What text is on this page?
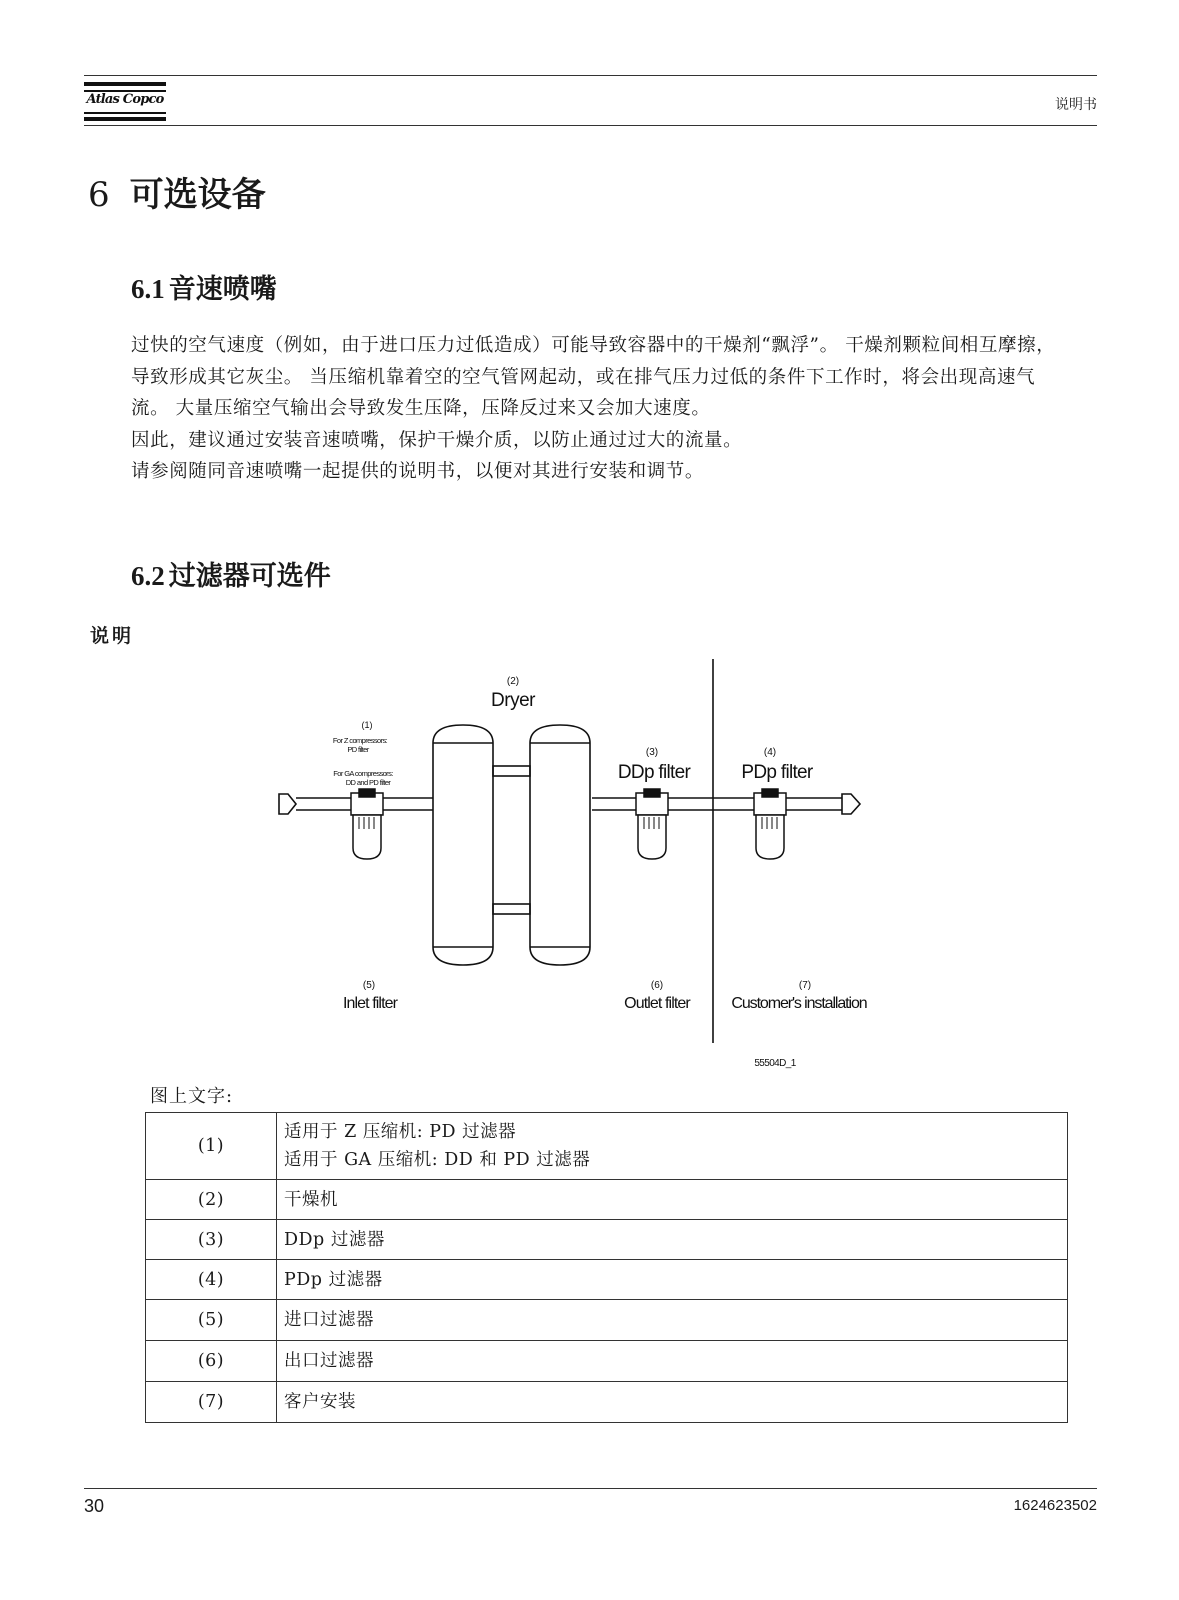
Atlas Copco	说明书
6 可选设备
6.1 音速喷嘴

过快的空气速度（例如，由于进口压力过低造成）可能导致容器中的干燥剂“飘浮”。 干燥剂颗粒间相互摩擦，导致形成其它灰尘。 当压缩机靠着空的空气管网起动，或在排气压力过低的条件下工作时，将会出现高速气流。 大量压缩空气输出会导致发生压降，压降反过来又会加大速度。

因此，建议通过安装音速喷嘴，保护干燥介质，以防止通过过大的流量。

请参阅随同音速喷嘴一起提供的说明书，以便对其进行安装和调节。

6.2 过滤器可选件
说明
(1)
For Z compressors:
PD filter
For GA compressors:
DD and PD filter
(2)
Dryer
(3)
DDp filter
(4)
PDp filter
(5)
Inlet filter
(6)
Outlet filter
(7)
Customer's installation
55504D_1
图上文字:
(1)	适用于 Z 压缩机: PD 过滤器
适用于 GA 压缩机: DD 和 PD 过滤器

(2)	干燥机
(3)	DDp 过滤器
(4)	PDp 过滤器
(5)	进口过滤器
(6)	出口过滤器
(7)	客户安装
30	1624623502
